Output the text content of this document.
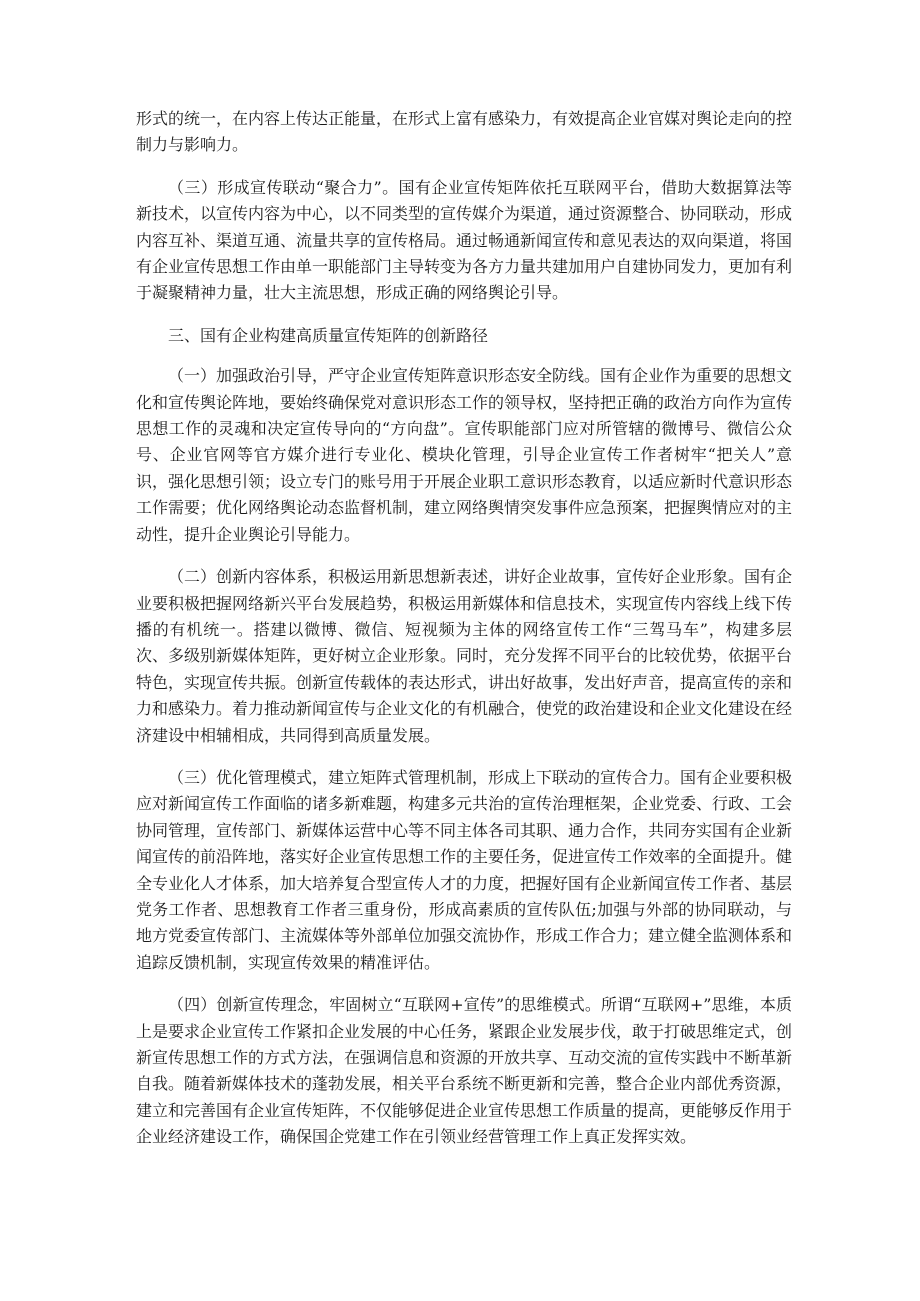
形式的统一，在内容上传达正能量，在形式上富有感染力，有效提高企业官媒对舆论走向的控制力与影响力。

（三）形成宣传联动“聚合力”。国有企业宣传矩阵依托互联网平台，借助大数据算法等新技术，以宣传内容为中心，以不同类型的宣传媒介为渠道，通过资源整合、协同联动，形成内容互补、渠道互通、流量共享的宣传格局。通过畅通新闻宣传和意见表达的双向渠道，将国有企业宣传思想工作由单一职能部门主导转变为各方力量共建加用户自建协同发力，更加有利于凝聚精神力量，壮大主流思想，形成正确的网络舆论引导。

三、国有企业构建高质量宣传矩阵的创新路径

（一）加强政治引导，严守企业宣传矩阵意识形态安全防线。国有企业作为重要的思想文化和宣传舆论阵地，要始终确保党对意识形态工作的领导权，坚持把正确的政治方向作为宣传思想工作的灵魂和决定宣传导向的“方向盘”。宣传职能部门应对所管辖的微博号、微信公众号、企业官网等官方媒介进行专业化、模块化管理，引导企业宣传工作者树牢“把关人”意识，强化思想引领；设立专门的账号用于开展企业职工意识形态教育，以适应新时代意识形态工作需要；优化网络舆论动态监督机制，建立网络舆情突发事件应急预案，把握舆情应对的主动性，提升企业舆论引导能力。

（二）创新内容体系，积极运用新思想新表述，讲好企业故事，宣传好企业形象。国有企业要积极把握网络新兴平台发展趋势，积极运用新媒体和信息技术，实现宣传内容线上线下传播的有机统一。搭建以微博、微信、短视频为主体的网络宣传工作“三驾马车”，构建多层次、多级别新媒体矩阵，更好树立企业形象。同时，充分发挥不同平台的比较优势，依据平台特色，实现宣传共振。创新宣传载体的表达形式，讲出好故事，发出好声音，提高宣传的亲和力和感染力。着力推动新闻宣传与企业文化的有机融合，使党的政治建设和企业文化建设在经济建设中相辅相成，共同得到高质量发展。

（三）优化管理模式，建立矩阵式管理机制，形成上下联动的宣传合力。国有企业要积极应对新闻宣传工作面临的诸多新难题，构建多元共治的宣传治理框架，企业党委、行政、工会协同管理，宣传部门、新媒体运营中心等不同主体各司其职、通力合作，共同夯实国有企业新闻宣传的前沿阵地，落实好企业宣传思想工作的主要任务，促进宣传工作效率的全面提升。健全专业化人才体系，加大培养复合型宣传人才的力度，把握好国有企业新闻宣传工作者、基层党务工作者、思想教育工作者三重身份，形成高素质的宣传队伍;加强与外部的协同联动，与地方党委宣传部门、主流媒体等外部单位加强交流协作，形成工作合力；建立健全监测体系和追踪反馈机制，实现宣传效果的精准评估。

（四）创新宣传理念，牢固树立“互联网+宣传”的思维模式。所谓“互联网+”思维，本质上是要求企业宣传工作紧扣企业发展的中心任务，紧跟企业发展步伐，敢于打破思维定式，创新宣传思想工作的方式方法，在强调信息和资源的开放共享、互动交流的宣传实践中不断革新自我。随着新媒体技术的蓬勃发展，相关平台系统不断更新和完善，整合企业内部优秀资源，建立和完善国有企业宣传矩阵，不仅能够促进企业宣传思想工作质量的提高，更能够反作用于企业经济建设工作，确保国企党建工作在引领业经营管理工作上真正发挥实效。
